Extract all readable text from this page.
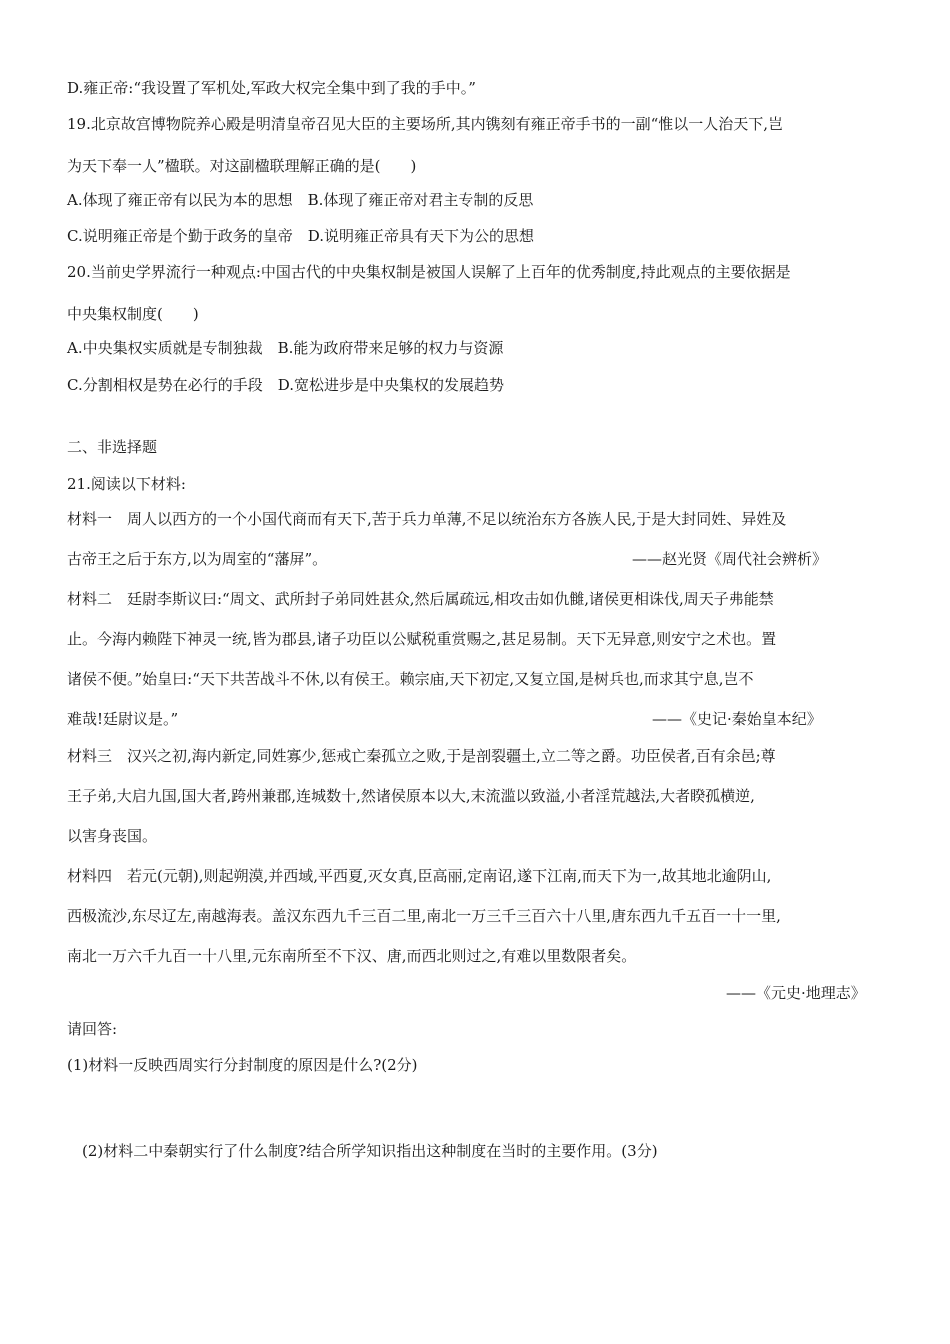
D.雍正帝:“我设置了军机处,军政大权完全集中到了我的手中。”
19.北京故宫博物院养心殿是明清皇帝召见大臣的主要场所,其内镌刻有雍正帝手书的一副“惟以一人治天下,岂
为天下奉一人”楹联。对这副楹联理解正确的是(　　)
A.体现了雍正帝有以民为本的思想　B.体现了雍正帝对君主专制的反思
C.说明雍正帝是个勤于政务的皇帝　D.说明雍正帝具有天下为公的思想
20.当前史学界流行一种观点:中国古代的中央集权制是被国人误解了上百年的优秀制度,持此观点的主要依据是
中央集权制度(　　)
A.中央集权实质就是专制独裁　B.能为政府带来足够的权力与资源
C.分割相权是势在必行的手段　D.宽松进步是中央集权的发展趋势
二、非选择题
21.阅读以下材料:
材料一　周人以西方的一个小国代商而有天下,苦于兵力单薄,不足以统治东方各族人民,于是大封同姓、异姓及
古帝王之后于东方,以为周室的“藩屏”。	——赵光贤《周代社会辨析》
材料二　廷尉李斯议曰:“周文、武所封子弟同姓甚众,然后属疏远,相攻击如仇雠,诸侯更相诛伐,周天子弗能禁
止。今海内赖陛下神灵一统,皆为郡县,诸子功臣以公赋税重赏赐之,甚足易制。天下无异意,则安宁之术也。置
诸侯不便。”始皇曰:“天下共苦战斗不休,以有侯王。赖宗庙,天下初定,又复立国,是树兵也,而求其宁息,岂不
难哉!廷尉议是。”	——《史记·秦始皇本纪》
材料三　汉兴之初,海内新定,同姓寡少,惩戒亡秦孤立之败,于是剖裂疆土,立二等之爵。功臣侯者,百有余邑;尊
王子弟,大启九国,国大者,跨州兼郡,连城数十,然诸侯原本以大,末流滥以致溢,小者淫荒越法,大者睽孤横逆,
以害身丧国。
材料四　若元(元朝),则起朔漠,并西域,平西夏,灭女真,臣高丽,定南诏,遂下江南,而天下为一,故其地北逾阴山,
西极流沙,东尽辽左,南越海表。盖汉东西九千三百二里,南北一万三千三百六十八里,唐东西九千五百一十一里,
南北一万六千九百一十八里,元东南所至不下汉、唐,而西北则过之,有难以里数限者矣。
——《元史·地理志》
请回答:
(1)材料一反映西周实行分封制度的原因是什么?(2分)
(2)材料二中秦朝实行了什么制度?结合所学知识指出这种制度在当时的主要作用。(3分)
